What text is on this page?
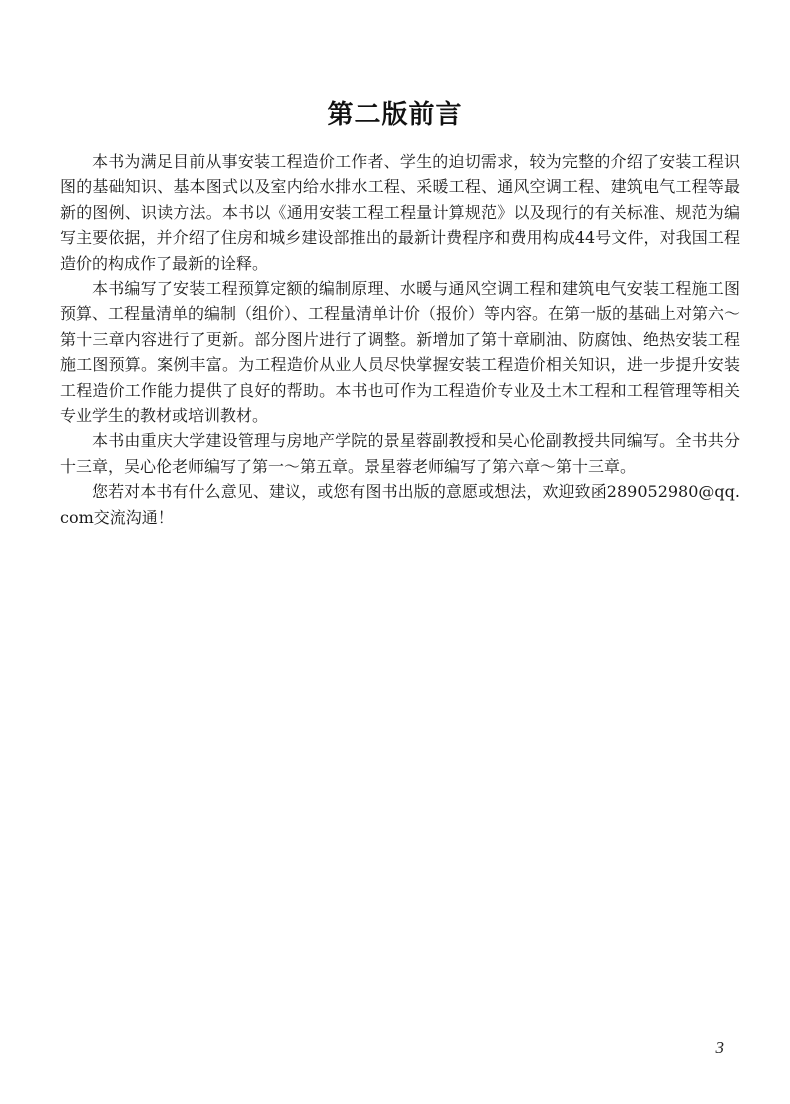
第二版前言

本书为满足目前从事安装工程造价工作者、学生的迫切需求，较为完整的介绍了安装工程识图的基础知识、基本图式以及室内给水排水工程、采暖工程、通风空调工程、建筑电气工程等最新的图例、识读方法。本书以《通用安装工程工程量计算规范》以及现行的有关标准、规范为编写主要依据，并介绍了住房和城乡建设部推出的最新计费程序和费用构成44号文件，对我国工程造价的构成作了最新的诠释。

本书编写了安装工程预算定额的编制原理、水暖与通风空调工程和建筑电气安装工程施工图预算、工程量清单的编制（组价）、工程量清单计价（报价）等内容。在第一版的基础上对第六～第十三章内容进行了更新。部分图片进行了调整。新增加了第十章刷油、防腐蚀、绝热安装工程施工图预算。案例丰富。为工程造价从业人员尽快掌握安装工程造价相关知识，进一步提升安装工程造价工作能力提供了良好的帮助。本书也可作为工程造价专业及土木工程和工程管理等相关专业学生的教材或培训教材。

本书由重庆大学建设管理与房地产学院的景星蓉副教授和吴心伦副教授共同编写。全书共分十三章，吴心伦老师编写了第一～第五章。景星蓉老师编写了第六章～第十三章。

您若对本书有什么意见、建议，或您有图书出版的意愿或想法，欢迎致函289052980@qq.com交流沟通！

3
